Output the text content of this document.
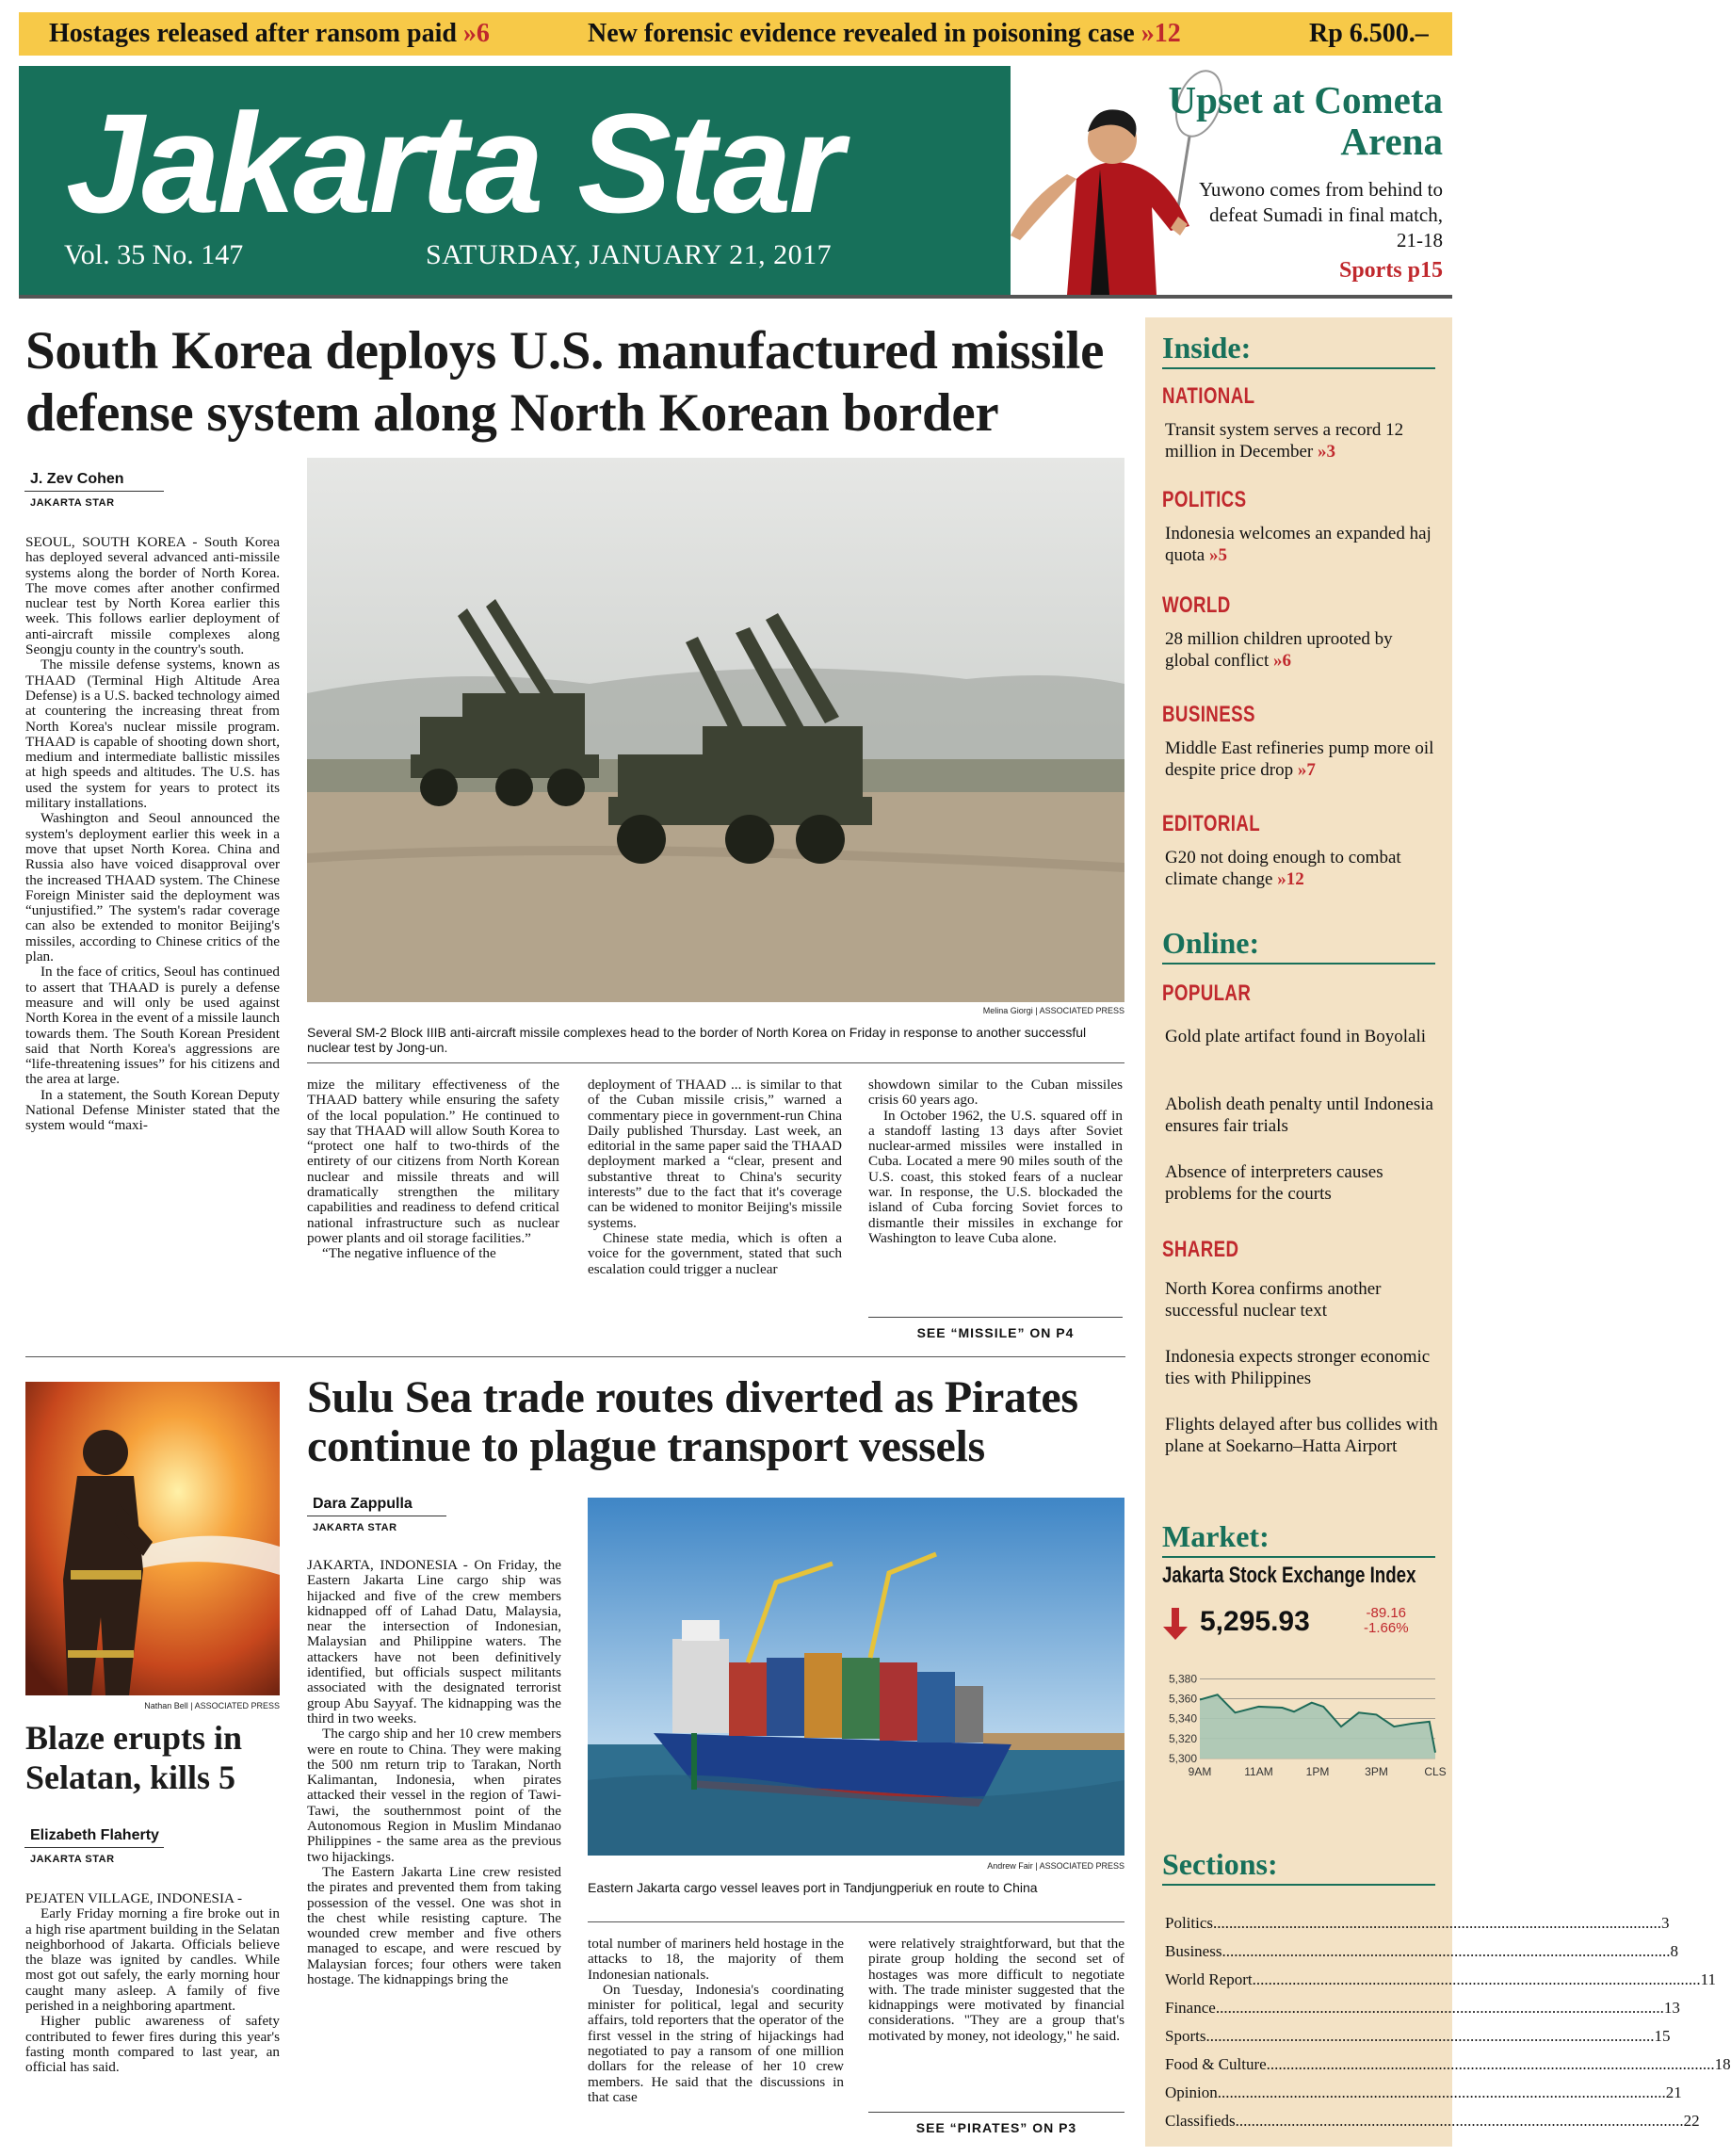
Hostages released after ransom paid »6	New forensic evidence revealed in poisoning case »12	Rp 6.500.–
Jakarta Star
Vol. 35 No. 147	SATURDAY, JANUARY 21, 2017
Upset at Cometa Arena
Yuwono comes from behind to defeat Sumadi in final match, 21-18
Sports p15
South Korea deploys U.S. manufactured missile defense system along North Korean border
J. Zev Cohen
JAKARTA STAR

SEOUL, SOUTH KOREA - South Korea has deployed several advanced anti-missile systems along the border of North Korea. The move comes after another confirmed nuclear test by North Korea earlier this week. This follows earlier deployment of anti-aircraft missile complexes along Seongju county in the country's south.

The missile defense systems, known as THAAD (Terminal High Altitude Area Defense) is a U.S. backed technology aimed at countering the increasing threat from North Korea's nuclear missile program. THAAD is capable of shooting down short, medium and intermediate ballistic missiles at high speeds and altitudes. The U.S. has used the system for years to protect its military installations.

Washington and Seoul announced the system's deployment earlier this week in a move that upset North Korea. China and Russia also have voiced disapproval over the increased THAAD system. The Chinese Foreign Minister said the deployment was “unjustified.” The system's radar coverage can also be extended to monitor Beijing's missiles, according to Chinese critics of the plan.

In the face of critics, Seoul has continued to assert that THAAD is purely a defense measure and will only be used against North Korea in the event of a missile launch towards them. The South Korean President said that North Korea's aggressions are “life-threatening issues” for his citizens and the area at large.

In a statement, the South Korean Deputy National Defense Minister stated that the system would “maxi-

Melina Giorgi | ASSOCIATED PRESS
Several SM-2 Block IIIB anti-aircraft missile complexes head to the border of North Korea on Friday in response to another successful nuclear test by Jong-un.

mize the military effectiveness of the THAAD battery while ensuring the safety of the local population.” He continued to say that THAAD will allow South Korea to “protect one half to two-thirds of the entirety of our citizens from North Korean nuclear and missile threats and will dramatically strengthen the military capabilities and readiness to defend critical national infrastructure such as nuclear power plants and oil storage facilities.”

“The negative influence of the

deployment of THAAD ... is similar to that of the Cuban missile crisis,” warned a commentary piece in government-run China Daily published Thursday. Last week, an editorial in the same paper said the THAAD deployment marked a “clear, present and substantive threat to China's security interests” due to the fact that it's coverage can be widened to monitor Beijing's missile systems.

Chinese state media, which is often a voice for the government, stated that such escalation could trigger a nuclear

showdown similar to the Cuban missiles crisis 60 years ago.

In October 1962, the U.S. squared off in a standoff lasting 13 days after Soviet nuclear-armed missiles were installed in Cuba. Located a mere 90 miles south of the U.S. coast, this stoked fears of a nuclear war. In response, the U.S. blockaded the island of Cuba forcing Soviet forces to dismantle their missiles in exchange for Washington to leave Cuba alone.

SEE “MISSILE” ON P4
Nathan Bell | ASSOCIATED PRESS
Blaze erupts in Selatan, kills 5
Elizabeth Flaherty
JAKARTA STAR

PEJATEN VILLAGE, INDONESIA -

Early Friday morning a fire broke out in a high rise apartment building in the Selatan neighborhood of Jakarta. Officials believe the blaze was ignited by candles. While most got out safely, the early morning hour caught many asleep. A family of five perished in a neighboring apartment.

Higher public awareness of safety contributed to fewer fires during this year's fasting month compared to last year, an official has said.

Sulu Sea trade routes diverted as Pirates continue to plague transport vessels
Dara Zappulla
JAKARTA STAR

JAKARTA, INDONESIA - On Friday, the Eastern Jakarta Line cargo ship was hijacked and five of the crew members kidnapped off of Lahad Datu, Malaysia, near the intersection of Indonesian, Malaysian and Philippine waters. The attackers have not been definitively identified, but officials suspect militants associated with the designated terrorist group Abu Sayyaf. The kidnapping was the third in two weeks.

The cargo ship and her 10 crew members were en route to China. They were making the 500 nm return trip to Tarakan, North Kalimantan, Indonesia, when pirates attacked their vessel in the region of Tawi-Tawi, the southernmost point of the Autonomous Region in Muslim Mindanao Philippines - the same area as the previous two hijackings.

The Eastern Jakarta Line crew resisted the pirates and prevented them from taking possession of the vessel. One was shot in the chest while resisting capture. The wounded crew member and five others managed to escape, and were rescued by Malaysian forces; four others were taken hostage. The kidnappings bring the

Andrew Fair | ASSOCIATED PRESS
Eastern Jakarta cargo vessel leaves port in Tandjungperiuk en route to China

total number of mariners held hostage in the attacks to 18, the majority of them Indonesian nationals.

On Tuesday, Indonesia's coordinating minister for political, legal and security affairs, told reporters that the operator of the first vessel in the string of hijackings had negotiated to pay a ransom of one million dollars for the release of her 10 crew members. He said that the discussions in that case

were relatively straightforward, but that the pirate group holding the second set of hostages was more difficult to negotiate with. The trade minister suggested that the kidnappings were motivated by financial considerations. "They are a group that's motivated by money, not ideology," he said.

SEE “PIRATES” ON P3
Inside:
NATIONAL
Transit system serves a record 12 million in December »3
POLITICS
Indonesia welcomes an expanded haj quota »5
WORLD
28 million children uprooted by global conflict »6
BUSINESS
Middle East refineries pump more oil despite price drop »7
EDITORIAL
G20 not doing enough to combat climate change »12
Online:
POPULAR
Gold plate artifact found in Boyolali
Abolish death penalty until Indonesia ensures fair trials
Absence of interpreters causes problems for the courts
SHARED
North Korea confirms another successful nuclear text
Indonesia expects stronger economic ties with Philippines
Flights delayed after bus collides with plane at Soekarno–Hatta Airport
Market:
Jakarta Stock Exchange Index
5,295.93	-89.16
-1.66%
5,380
5,360
5,340
5,320
5,300
9AM	11AM	1PM	3PM	CLS
Sections:
Politics .....	3
Business .....	8
World Report .....	11
Finance .....	13
Sports .....	15
Food & Culture .....	18
Opinion .....	21
Classifieds .....	22
